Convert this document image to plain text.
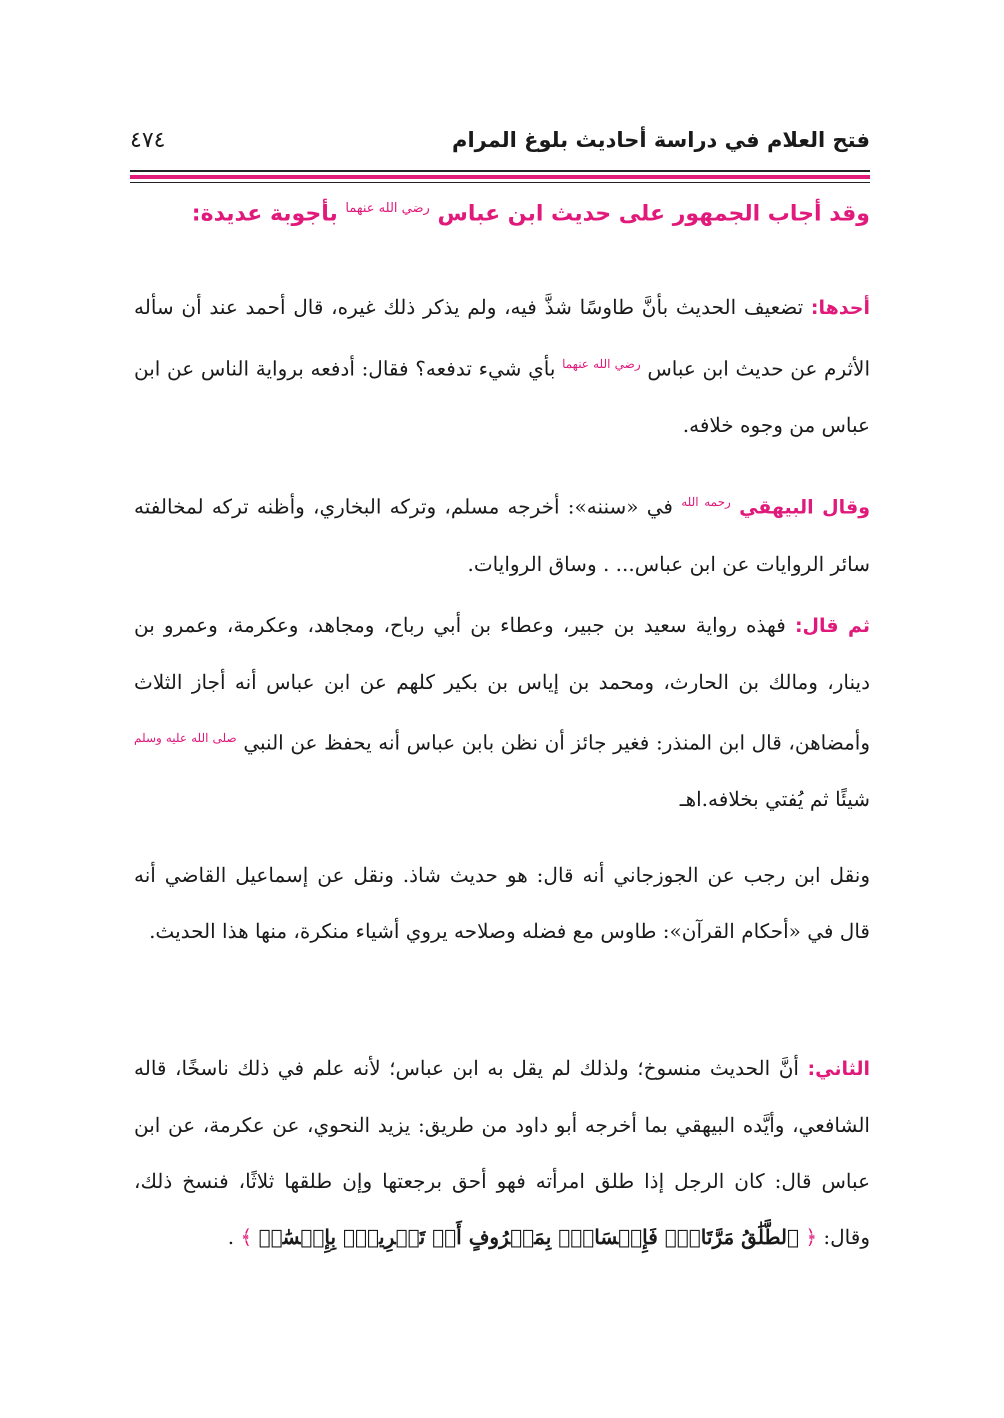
فتح العلام في دراسة أحاديث بلوغ المرام
٤٧٤
وقد أجاب الجمهور على حديث ابن عباس $^{رضي الله عنهما}$ بأجوبة عديدة:

أحدها: تضعيف الحديث بأنَّ طاوسًا شذَّ فيه، ولم يذكر ذلك غيره، قال أحمد عند أن سأله الأثرم عن حديث ابن عباس $^{رضي الله عنهما}$ بأي شيء تدفعه؟ فقال: أدفعه برواية الناس عن ابن عباس من وجوه خلافه.

وقال البيهقي $^{رحمه الله}$ في «سننه»: أخرجه مسلم، وتركه البخاري، وأظنه تركه لمخالفته سائر الروايات عن ابن عباس... . وساق الروايات.

ثم قال: فهذه رواية سعيد بن جبير، وعطاء بن أبي رباح، ومجاهد، وعكرمة، وعمرو بن دينار، ومالك بن الحارث، ومحمد بن إياس بن بكير كلهم عن ابن عباس أنه أجاز الثلاث وأمضاهن، قال ابن المنذر: فغير جائز أن نظن بابن عباس أنه يحفظ عن النبي $^{صلى الله عليه وسلم}$ شيئًا ثم يُفتي بخلافه.اهـ

ونقل ابن رجب عن الجوزجاني أنه قال: هو حديث شاذ. ونقل عن إسماعيل القاضي أنه قال في «أحكام القرآن»: طاوس مع فضله وصلاحه يروي أشياء منكرة، منها هذا الحديث.

الثاني: أنَّ الحديث منسوخ؛ ولذلك لم يقل به ابن عباس؛ لأنه علم في ذلك ناسخًا، قاله الشافعي، وأيَّده البيهقي بما أخرجه أبو داود من طريق: يزيد النحوي، عن عكرمة، عن ابن عباس قال: كان الرجل إذا طلق امرأته فهو أحق برجعتها وإن طلقها ثلاثًا، فنسخ ذلك، وقال: ﴿ ٱلطَّلَٰقُ مَرَّتَانِۖ فَإِمۡسَاكُۢ بِمَعۡرُوفٍ أَوۡ تَسۡرِيحُۢ بِإِحۡسَٰنٖ ﴾ .
